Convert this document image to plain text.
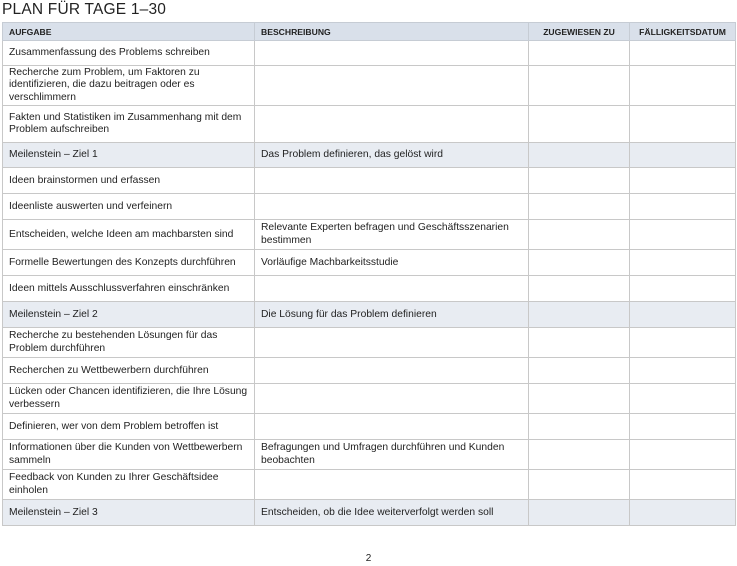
PLAN FÜR TAGE 1–30
AUFGABE	BESCHREIBUNG	ZUGEWIESEN ZU	FÄLLIGKEITSDATUM
Zusammenfassung des Problems schreiben			
Recherche zum Problem, um Faktoren zu identifizieren, die dazu beitragen oder es verschlimmern			
Fakten und Statistiken im Zusammenhang mit dem Problem aufschreiben			
Meilenstein – Ziel 1	Das Problem definieren, das gelöst wird		
Ideen brainstormen und erfassen			
Ideenliste auswerten und verfeinern			
Entscheiden, welche Ideen am machbarsten sind	Relevante Experten befragen und Geschäftsszenarien bestimmen		
Formelle Bewertungen des Konzepts durchführen	Vorläufige Machbarkeitsstudie		
Ideen mittels Ausschlussverfahren einschränken			
Meilenstein – Ziel 2	Die Lösung für das Problem definieren		
Recherche zu bestehenden Lösungen für das Problem durchführen			
Recherchen zu Wettbewerbern durchführen			
Lücken oder Chancen identifizieren, die Ihre Lösung verbessern			
Definieren, wer von dem Problem betroffen ist			
Informationen über die Kunden von Wettbewerbern sammeln	Befragungen und Umfragen durchführen und Kunden beobachten		
Feedback von Kunden zu Ihrer Geschäftsidee einholen			
Meilenstein – Ziel 3	Entscheiden, ob die Idee weiterverfolgt werden soll		
2
